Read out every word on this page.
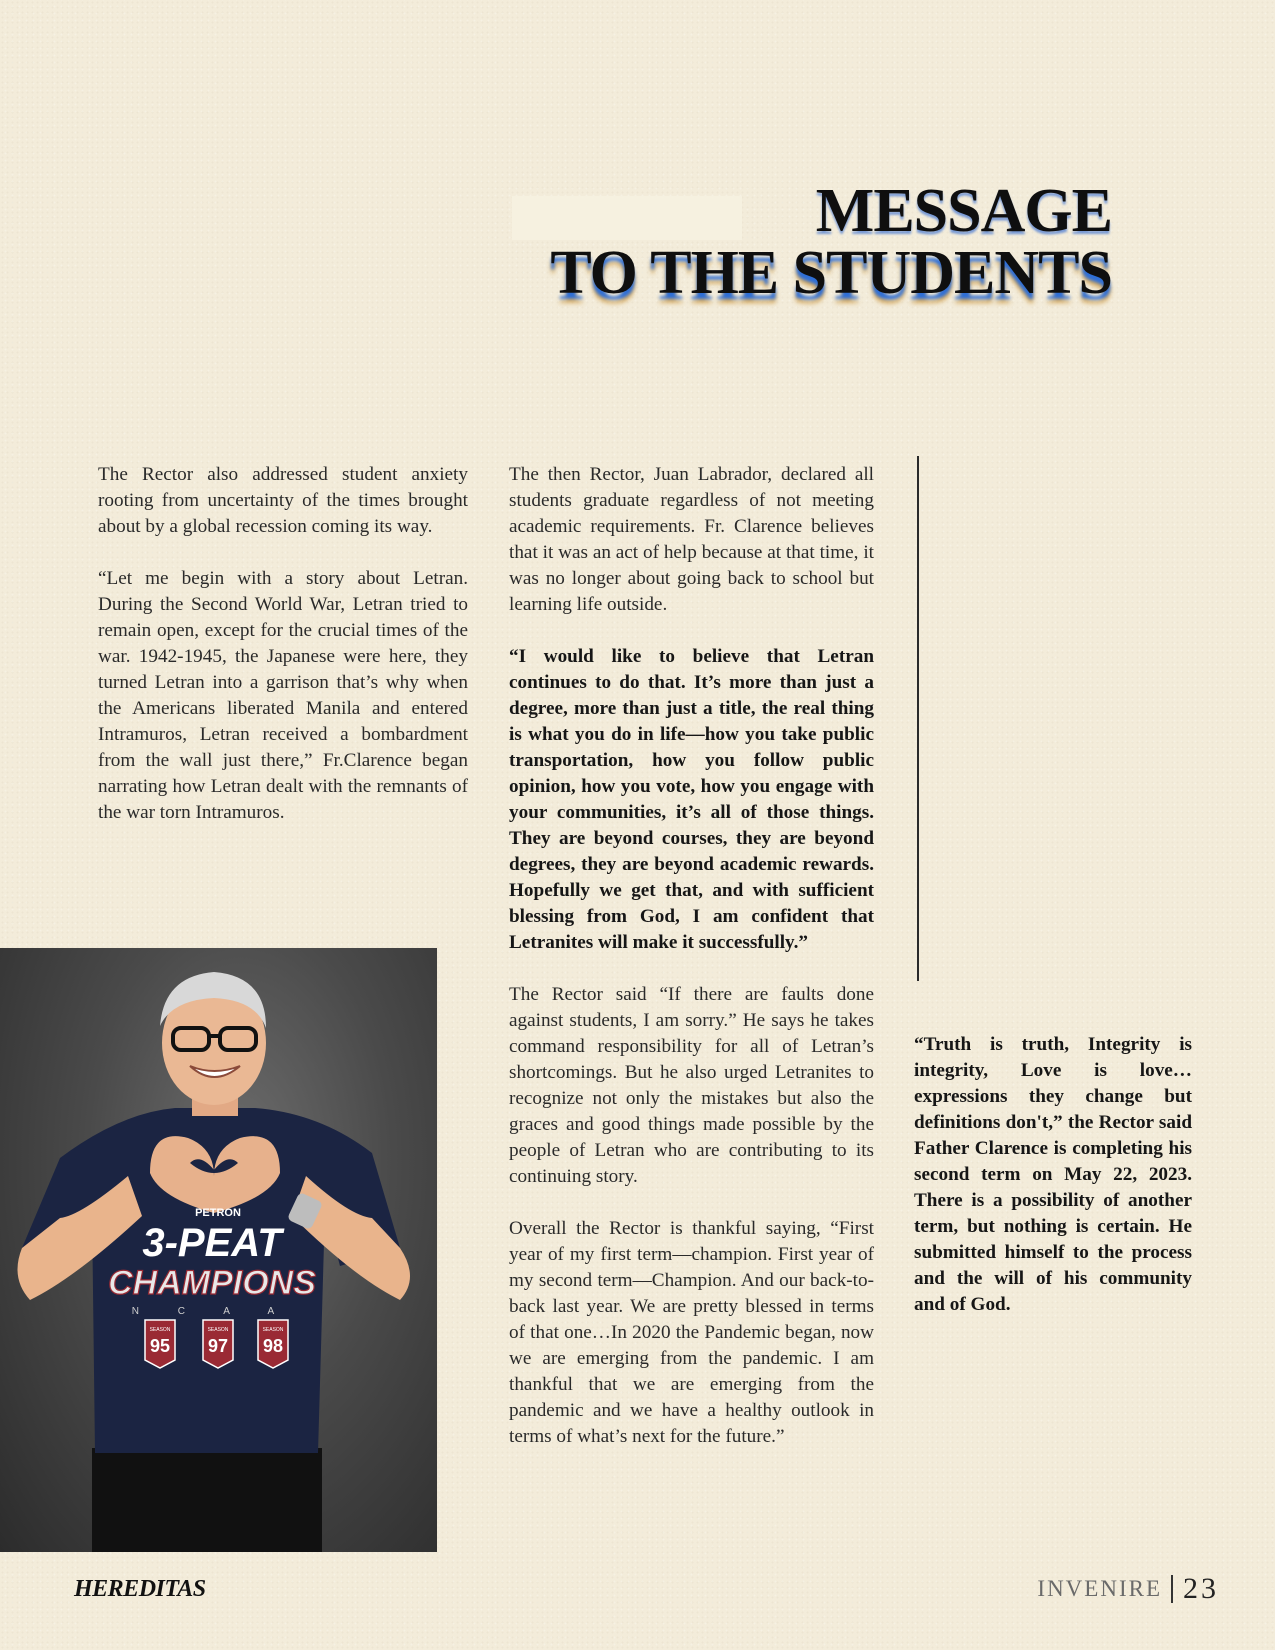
MESSAGE
TO THE STUDENTS

The Rector also addressed student anxiety rooting from uncertainty of the times brought about by a global recession coming its way.

“Let me begin with a story about Letran. During the Second World War, Letran tried to remain open, except for the crucial times of the war. 1942-1945, the Japanese were here, they turned Letran into a garrison that’s why when the Americans liberated Manila and entered Intramuros, Letran received a bombardment from the wall just there,” Fr.Clarence began narrating how Letran dealt with the remnants of the war torn Intramuros.

The then Rector, Juan Labrador, declared all students graduate regardless of not meeting academic requirements. Fr. Clarence believes that it was an act of help because at that time, it was no longer about going back to school but learning life outside.

“I would like to believe that Letran continues to do that. It’s more than just a degree, more than just a title, the real thing is what you do in life—how you take public transportation, how you follow public opinion, how you vote, how you engage with your communities, it’s all of those things. They are beyond courses, they are beyond degrees, they are beyond academic rewards. Hopefully we get that, and with sufficient blessing from God, I am confident that Letranites will make it successfully.”

The Rector said “If there are faults done against students, I am sorry.” He says he takes command responsibility for all of Letran’s shortcomings. But he also urged Letranites to recognize not only the mistakes but also the graces and good things made possible by the people of Letran who are contributing to its continuing story.

Overall the Rector is thankful saying, “First year of my first term—champion. First year of my second term—Champion. And our back-to-back last year. We are pretty blessed in terms of that one…In 2020 the Pandemic began, now we are emerging from the pandemic. I am thankful that we are emerging from the pandemic and we have a healthy outlook in terms of what’s next for the future.”

“Truth is truth, Integrity is integrity, Love is love… expressions they change but definitions don't,” the Rector said Father Clarence is completing his second term on May 22, 2023. There is a possibility of another term, but nothing is certain. He submitted himself to the process and the will of his community and of God.

PETRON
3-PEAT
CHAMPIONS
N C A A
SEASON	SEASON	SEASON
95 97 98
HEREDITAS	INVENIRE 23
